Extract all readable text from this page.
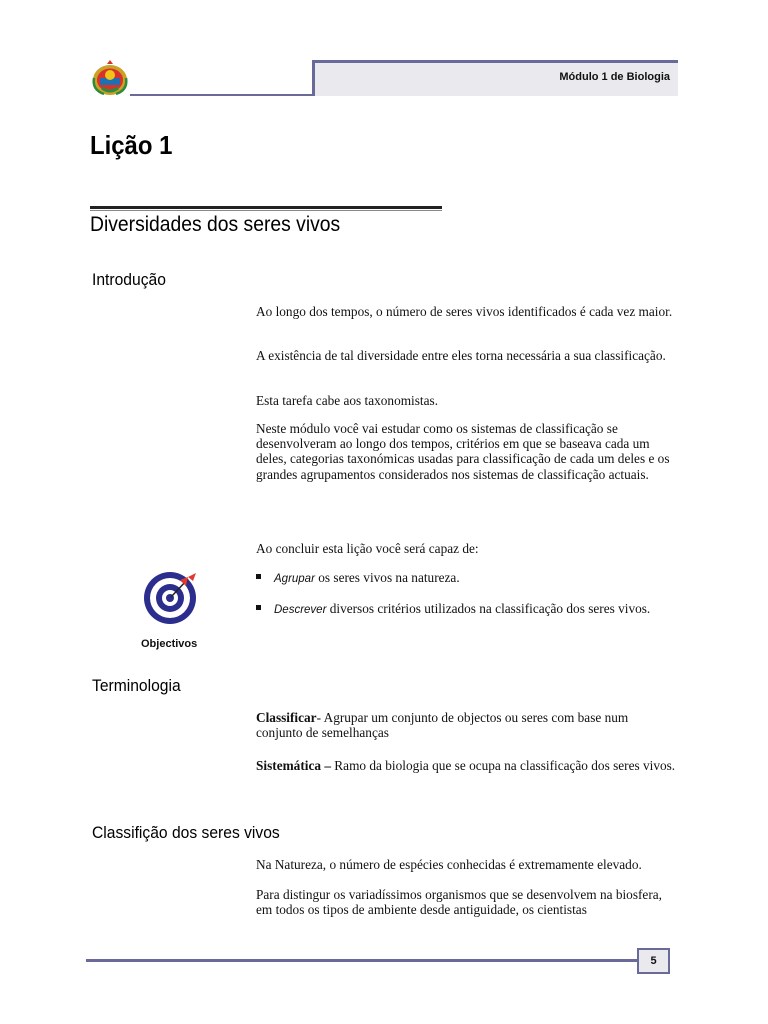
Módulo 1 de Biologia
Lição 1
Diversidades dos seres vivos
Introdução

Ao longo dos tempos, o número de seres vivos identificados é cada vez maior.

A existência de tal diversidade entre eles torna necessária a sua classificação.

Esta tarefa cabe aos taxonomistas.

Neste módulo você vai estudar como os sistemas de classificação se desenvolveram ao longo dos tempos, critérios em que se baseava cada um deles, categorias taxonómicas usadas para classificação de cada um deles e os grandes agrupamentos considerados nos sistemas de classificação actuais.

Ao concluir esta lição você será capaz de:

Agrupar os seres vivos na natureza.
Descrever diversos critérios utilizados na classificação dos seres vivos.
Objectivos
Terminologia

Classificar- Agrupar um conjunto de objectos ou seres com base num conjunto de semelhanças

Sistemática – Ramo da biologia que se ocupa na classificação dos seres vivos.

Classifição dos seres vivos

Na Natureza, o número de espécies conhecidas é extremamente elevado.

Para distingur os variadíssimos organismos que se desenvolvem na biosfera, em todos os tipos de ambiente desde antiguidade, os cientistas

5
